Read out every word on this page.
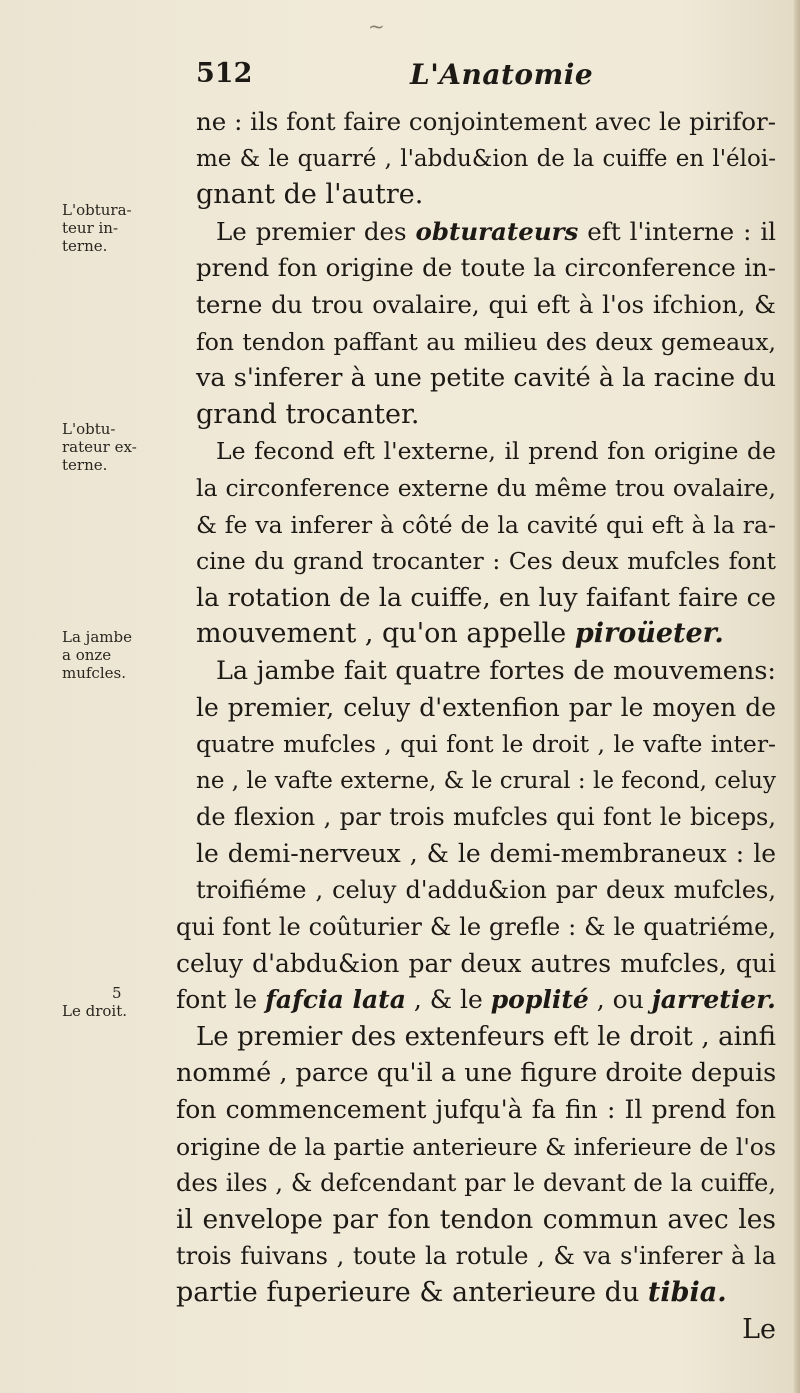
~
512	L'Anatomie
L'obtura-
teur in-
terne.
L'obtu-
rateur ex-
terne.
La jambe
a onze
mufcles.
5
Le droit.
ne : ils font faire conjointement avec le pirifor-
me & le quarré , l'abdu&ion de la cuiffe en l'éloi-
gnant de l'autre.
Le premier des obturateurs eft l'interne : il
prend fon origine de toute la circonference in-
terne du trou ovalaire, qui eft à l'os ifchion, &
fon tendon paffant au milieu des deux gemeaux,
va s'inferer à une petite cavité à la racine du
grand trocanter.
Le fecond eft l'externe, il prend fon origine de
la circonference externe du même trou ovalaire,
& fe va inferer à côté de la cavité qui eft à la ra-
cine du grand trocanter : Ces deux mufcles font
la rotation de la cuiffe, en luy faifant faire ce
mouvement , qu'on appelle piroüeter.
La jambe fait quatre fortes de mouvemens:
le premier, celuy d'extenfion par le moyen de
quatre mufcles , qui font le droit , le vafte inter-
ne , le vafte externe, & le crural : le fecond, celuy
de flexion , par trois mufcles qui font le biceps,
le demi-nerveux , & le demi-membraneux : le
troifiéme , celuy d'addu&ion par deux mufcles,
qui font le coûturier & le grefle : & le quatriéme,
celuy d'abdu&ion par deux autres mufcles, qui
font le fafcia lata , & le poplité , ou jarretier.
Le premier des extenfeurs eft le droit , ainfi
nommé , parce qu'il a une figure droite depuis
fon commencement jufqu'à fa fin : Il prend fon
origine de la partie anterieure & inferieure de l'os
des iles , & defcendant par le devant de la cuiffe,
il envelope par fon tendon commun avec les
trois fuivans , toute la rotule , & va s'inferer à la
partie fuperieure & anterieure du tibia.
Le
